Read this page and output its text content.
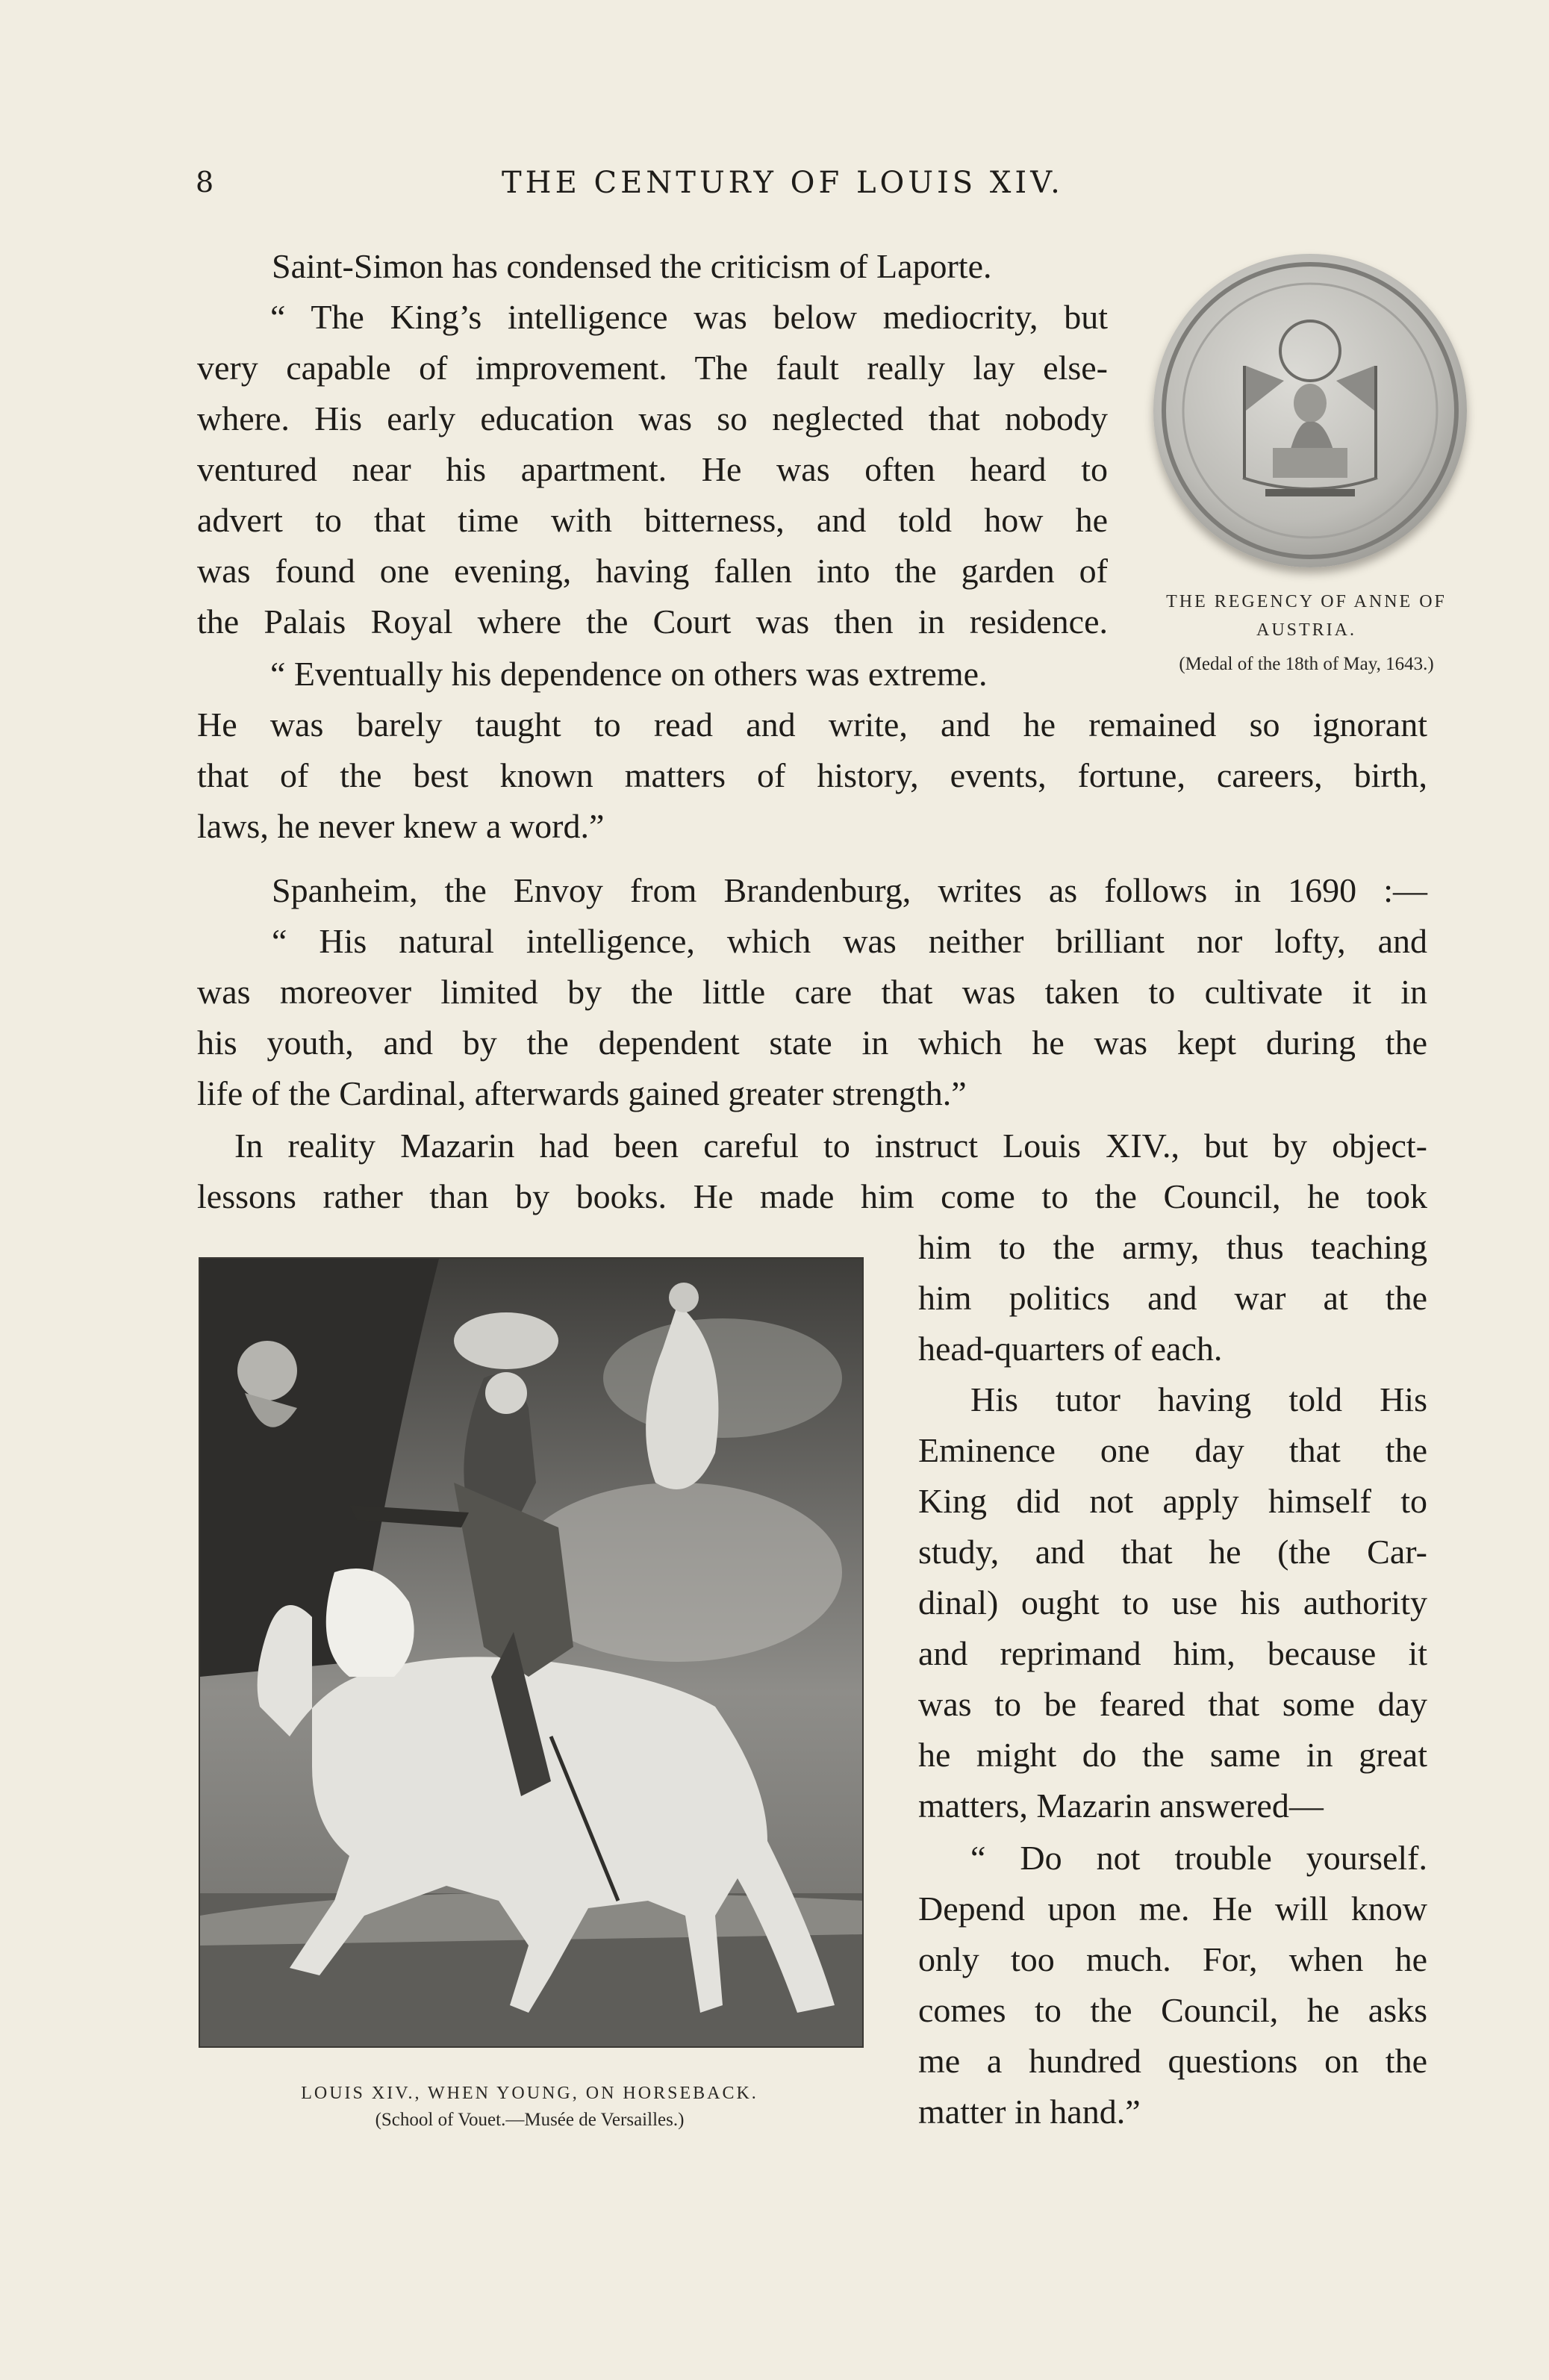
8	THE CENTURY OF LOUIS XIV.
Saint-Simon has condensed the criticism of Laporte.
“ The King’s intelligence was below mediocrity, but
very capable of improvement. The fault really lay else-
where. His early education was so neglected that nobody
ventured near his apartment. He was often heard to
advert to that time with bitterness, and told how he
was found one evening, having fallen into the garden of
the Palais Royal where the Court was then in residence.
“ Eventually his dependence on others was extreme.
He was barely taught to read and write, and he remained so ignorant
that of the best known matters of history, events, fortune, careers, birth,
laws, he never knew a word.”
Spanheim, the Envoy from Brandenburg, writes as follows in 1690 :—
“ His natural intelligence, which was neither brilliant nor lofty, and
was moreover limited by the little care that was taken to cultivate it in
his youth, and by the dependent state in which he was kept during the
life of the Cardinal, afterwards gained greater strength.”
In reality Mazarin had been careful to instruct Louis XIV., but by object-
lessons rather than by books. He made him come to the Council, he took
him to the army, thus teaching
him politics and war at the
head-quarters of each.
His tutor having told His
Eminence one day that the
King did not apply himself to
study, and that he (the Car-
dinal) ought to use his authority
and reprimand him, because it
was to be feared that some day
he might do the same in great
matters, Mazarin answered—
“ Do not trouble yourself.
Depend upon me. He will know
only too much. For, when he
comes to the Council, he asks
me a hundred questions on the
matter in hand.”
THE REGENCY OF ANNE OF
AUSTRIA.
(Medal of the 18th of May, 1643.)
LOUIS XIV., WHEN YOUNG, ON HORSEBACK.
(School of Vouet.—Musée de Versailles.)
